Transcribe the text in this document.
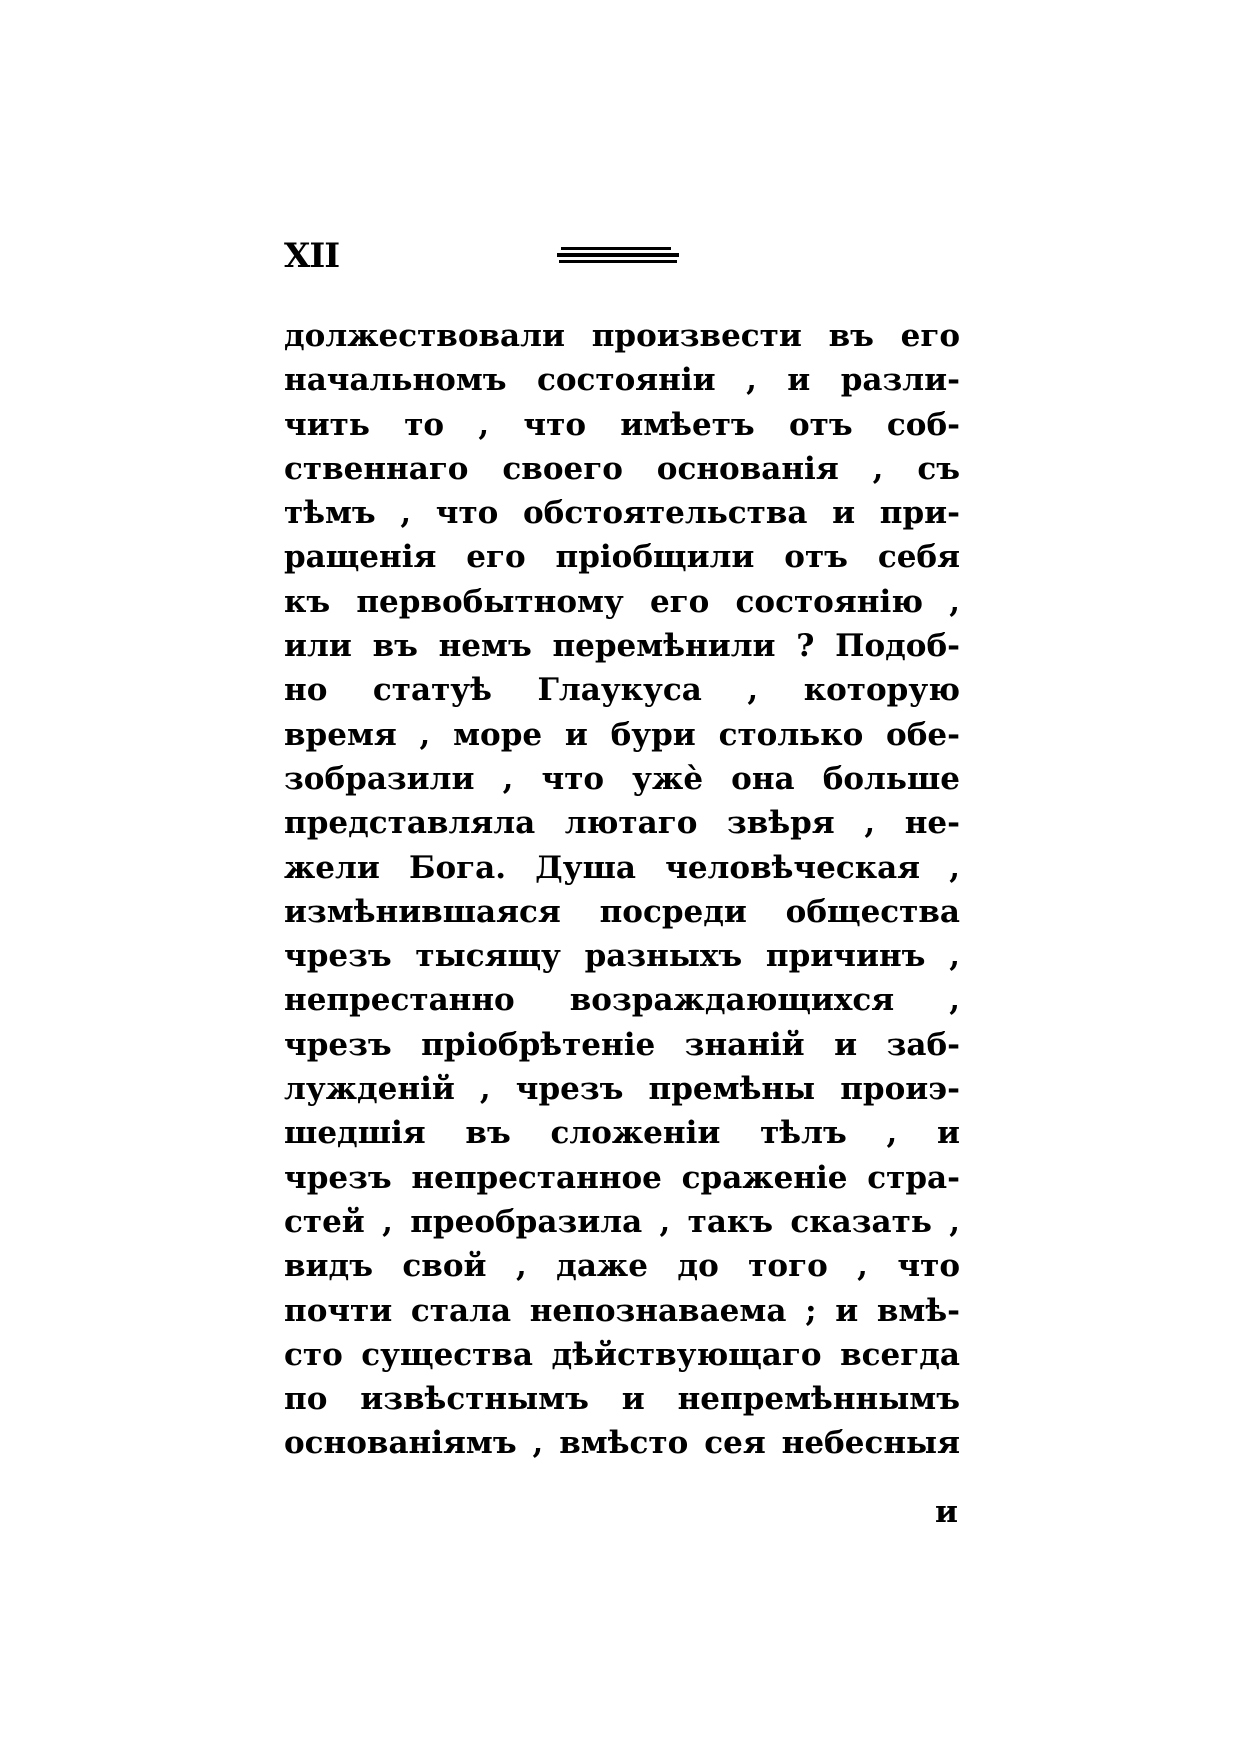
XII
должествовали произвести въ его
начальномъ состояніи , и разли-
чить то , что имѣетъ отъ соб-
ственнаго своего основанія , съ
тѣмъ , что обстоятельства и при-
ращенія его пріобщили отъ себя
къ первобытному его состоянію ,
или въ немъ перемѣнили ? Подоб-
но статуѣ Глаукуса , которую
время , море и бури столько обе-
зобразили , что ужѐ она больше
представляла лютаго звѣря , не-
жели Бога. Душа человѣческая ,
измѣнившаяся посреди общества
чрезъ тысящу разныхъ причинъ ,
непрестанно возраждающихся ,
чрезъ пріобрѣтеніе знаній и заб-
лужденій , чрезъ премѣны проиэ-
шедшія въ сложеніи тѣлъ , и
чрезъ непрестанное сраженіе стра-
стей , преобразила , такъ сказать ,
видъ свой , даже до того , что
почти стала непознаваема ; и вмѣ-
сто существа дѣйствующаго всегда
по извѣстнымъ и непремѣннымъ
основаніямъ , вмѣсто сея небесныя
и
